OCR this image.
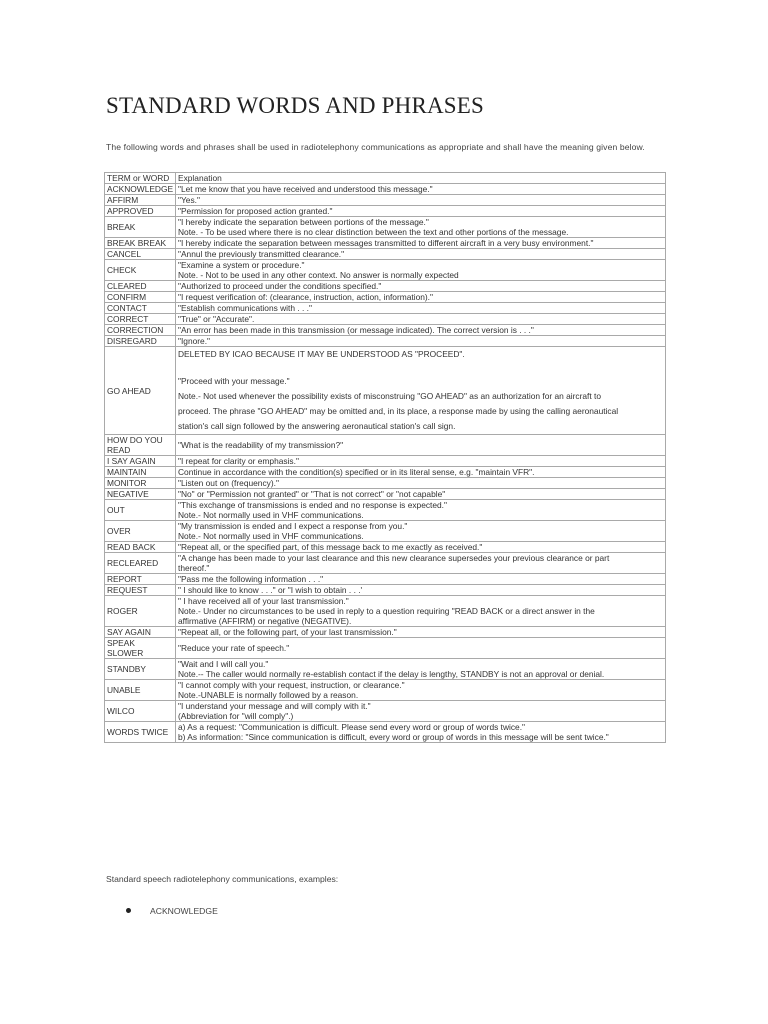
STANDARD WORDS AND PHRASES
The following words and phrases shall be used in radiotelephony communications as appropriate and shall have the meaning given below.
TERM or WORD	Explanation
ACKNOWLEDGE	"Let me know that you have received and understood this message."

AFFIRM	"Yes."

APPROVED	"Permission for proposed action granted."

BREAK	"I hereby indicate the separation between portions of the message."
Note. - To be used where there is no clear distinction between the text and other portions of the message.

BREAK BREAK	"I hereby indicate the separation between messages transmitted to different aircraft in a very busy environment."

CANCEL	"Annul the previously transmitted clearance."

CHECK	"Examine a system or procedure."
Note. - Not to be used in any other context. No answer is normally expected

CLEARED	"Authorized to proceed under the conditions specified."

CONFIRM	"I request verification of: (clearance, instruction, action, information)."

CONTACT	"Establish communications with . . ."

CORRECT	"True" or "Accurate".

CORRECTION	"An error has been made in this transmission (or message indicated). The correct version is . . ."

DISREGARD	"Ignore."

GO AHEAD	DELETED BY ICAO BECAUSE IT MAY BE UNDERSTOOD AS "PROCEED".
"Proceed with your message."
Note.- Not used whenever the possibility exists of misconstruing "GO AHEAD" as an authorization for an aircraft to
proceed. The phrase "GO AHEAD" may be omitted and, in its place, a response made by using the calling aeronautical
station's call sign followed by the answering aeronautical station's call sign.

HOW DO YOU READ	"What is the readability of my transmission?"

I SAY AGAIN	"I repeat for clarity or emphasis."

MAINTAIN	Continue in accordance with the condition(s) specified or in its literal sense, e.g. "maintain VFR".

MONITOR	"Listen out on (frequency)."

NEGATIVE	"No" or "Permission not granted" or "That is not correct" or "not capable"

OUT	"This exchange of transmissions is ended and no response is expected."
Note.- Not normally used in VHF communications.

OVER	"My transmission is ended and I expect a response from you."
Note.- Not normally used in VHF communications.

READ BACK	"Repeat all, or the specified part, of this message back to me exactly as received."

RECLEARED	"A change has been made to your last clearance and this new clearance supersedes your previous clearance or part
thereof."

REPORT	"Pass me the following information . . ."

REQUEST	" I should like to know . . ." or "I wish to obtain . . .'

ROGER	" I have received all of your last transmission."
Note.- Under no circumstances to be used in reply to a question requiring "READ BACK or a direct answer in the
affirmative (AFFIRM) or negative (NEGATIVE).

SAY AGAIN	"Repeat all, or the following part, of your last transmission."

SPEAK SLOWER	"Reduce your rate of speech."

STANDBY	"Wait and I will call you."
Note.-- The caller would normally re-establish contact if the delay is lengthy, STANDBY is not an approval or denial.

UNABLE	"I cannot comply with your request, instruction, or clearance."
Note.-UNABLE is normally followed by a reason.

WILCO	"I understand your message and will comply with it."
(Abbreviation for "will comply".)

WORDS TWICE	a) As a request: "Communication is difficult. Please send every word or group of words twice."
b) As information: "Since communication is difficult, every word or group of words in this message will be sent twice."
Standard speech radiotelephony communications, examples:
ACKNOWLEDGE
